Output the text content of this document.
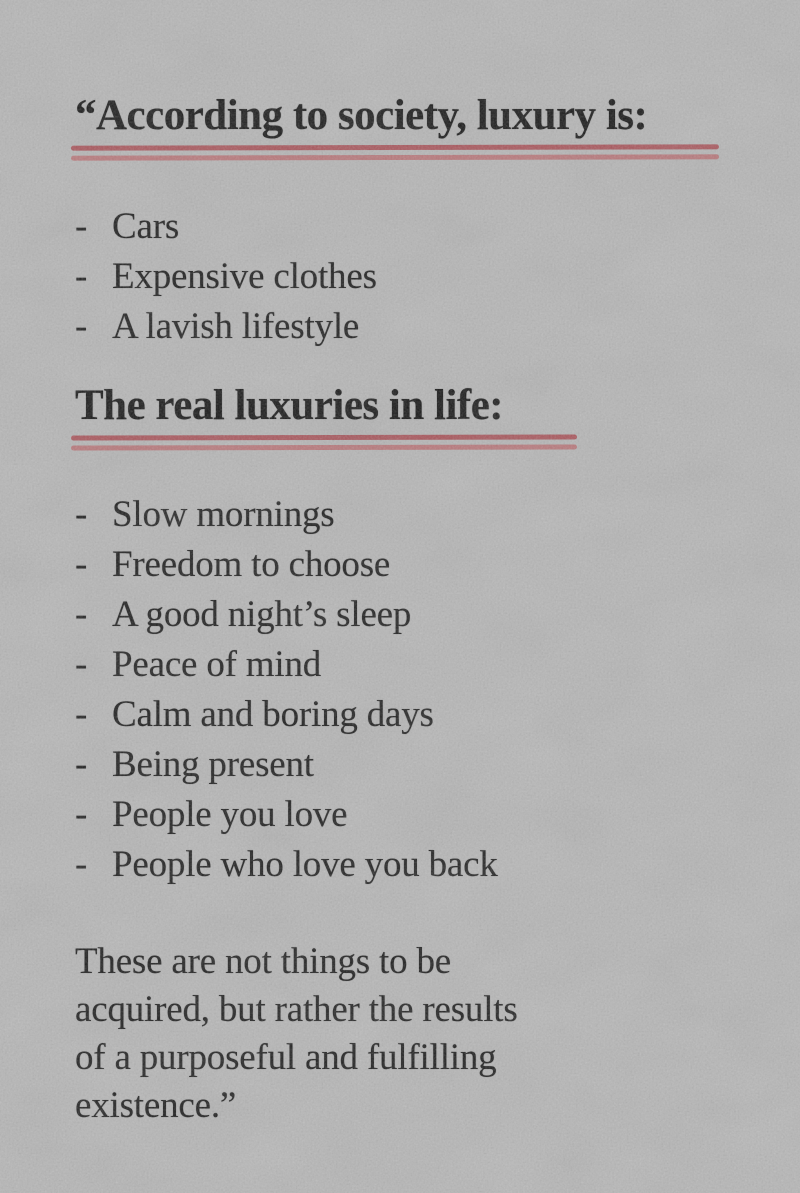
“According to society, luxury is:
- Cars
- Expensive clothes
- A lavish lifestyle
The real luxuries in life:
- Slow mornings
- Freedom to choose
- A good night’s sleep
- Peace of mind
- Calm and boring days
- Being present
- People you love
- People who love you back
These are not things to be
acquired, but rather the results
of a purposeful and fulfilling
existence.”
